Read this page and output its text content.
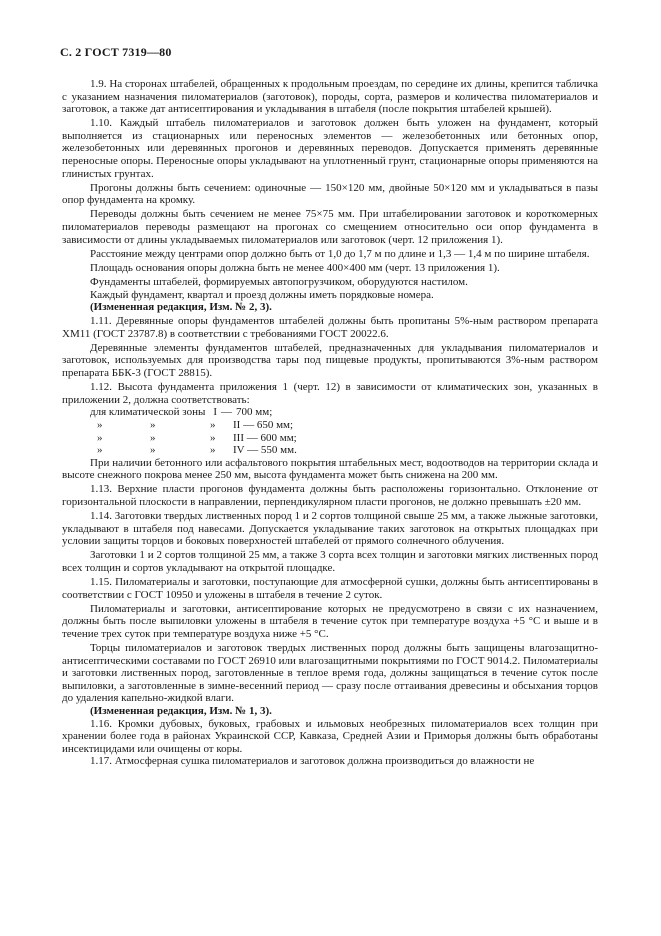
С. 2 ГОСТ 7319—80

1.9. На сторонах штабелей, обращенных к продольным проездам, по середине их длины, крепится табличка с указанием назначения пиломатериалов (заготовок), породы, сорта, размеров и количества пиломатериалов и заготовок, а также дат антисептирования и укладывания в штабеля (после покрытия штабелей крышей).

1.10. Каждый штабель пиломатериалов и заготовок должен быть уложен на фундамент, который выполняется из стационарных или переносных элементов — железобетонных или бетонных опор, железобетонных или деревянных прогонов и деревянных переводов. Допускается применять деревянные переносные опоры. Переносные опоры укладывают на уплотненный грунт, стационарные опоры применяются на глинистых грунтах.

Прогоны должны быть сечением: одиночные — 150×120 мм, двойные 50×120 мм и укладываться в пазы опор фундамента на кромку.

Переводы должны быть сечением не менее 75×75 мм. При штабелировании заготовок и короткомерных пиломатериалов переводы размещают на прогонах со смещением относительно оси опор фундамента в зависимости от длины укладываемых пиломатериалов или заготовок (черт. 12 приложения 1).

Расстояние между центрами опор должно быть от 1,0 до 1,7 м по длине и 1,3 — 1,4 м по ширине штабеля.

Площадь основания опоры должна быть не менее 400×400 мм (черт. 13 приложения 1).

Фундаменты штабелей, формируемых автопогрузчиком, оборудуются настилом.

Каждый фундамент, квартал и проезд должны иметь порядковые номера.

(Измененная редакция, Изм. № 2, 3).

1.11. Деревянные опоры фундаментов штабелей должны быть пропитаны 5%-ным раствором препарата ХМ11 (ГОСТ 23787.8) в соответствии с требованиями ГОСТ 20022.6.

Деревянные элементы фундаментов штабелей, предназначенных для укладывания пиломатериалов и заготовок, используемых для производства тары под пищевые продукты, пропитываются 3%-ным раствором препарата ББК-3 (ГОСТ 28815).

1.12. Высота фундамента приложения 1 (черт. 12) в зависимости от климатических зон, указанных в приложении 2, должна соответствовать:

для климатической зоны I — 700 мм;
»	»	»	II — 650 мм;
»	»	»	III — 600 мм;
»	»	»	IV — 550 мм.

При наличии бетонного или асфальтового покрытия штабельных мест, водоотводов на территории склада и высоте снежного покрова менее 250 мм, высота фундамента может быть снижена на 200 мм.

1.13. Верхние пласти прогонов фундамента должны быть расположены горизонтально. Отклонение от горизонтальной плоскости в направлении, перпендикулярном пласти прогонов, не должно превышать ±20 мм.

1.14. Заготовки твердых лиственных пород 1 и 2 сортов толщиной свыше 25 мм, а также лыжные заготовки, укладывают в штабеля под навесами. Допускается укладывание таких заготовок на открытых площадках при условии защиты торцов и боковых поверхностей штабелей от прямого солнечного облучения.

Заготовки 1 и 2 сортов толщиной 25 мм, а также 3 сорта всех толщин и заготовки мягких лиственных пород всех толщин и сортов укладывают на открытой площадке.

1.15. Пиломатериалы и заготовки, поступающие для атмосферной сушки, должны быть антисептированы в соответствии с ГОСТ 10950 и уложены в штабеля в течение 2 суток.

Пиломатериалы и заготовки, антисептирование которых не предусмотрено в связи с их назначением, должны быть после выпиловки уложены в штабеля в течение суток при температуре воздуха +5 °С и выше и в течение трех суток при температуре воздуха ниже +5 °С.

Торцы пиломатериалов и заготовок твердых лиственных пород должны быть защищены влагозащитно-антисептическими составами по ГОСТ 26910 или влагозащитными покрытиями по ГОСТ 9014.2. Пиломатериалы и заготовки лиственных пород, заготовленные в теплое время года, должны защищаться в течение суток после выпиловки, а заготовленные в зимне-весенний период — сразу после оттаивания древесины и обсыхания торцов до удаления капельно-жидкой влаги.

(Измененная редакция, Изм. № 1, 3).

1.16. Кромки дубовых, буковых, грабовых и ильмовых необрезных пиломатериалов всех толщин при хранении более года в районах Украинской ССР, Кавказа, Средней Азии и Приморья должны быть обработаны инсектицидами или очищены от коры.

1.17. Атмосферная сушка пиломатериалов и заготовок должна производиться до влажности не
